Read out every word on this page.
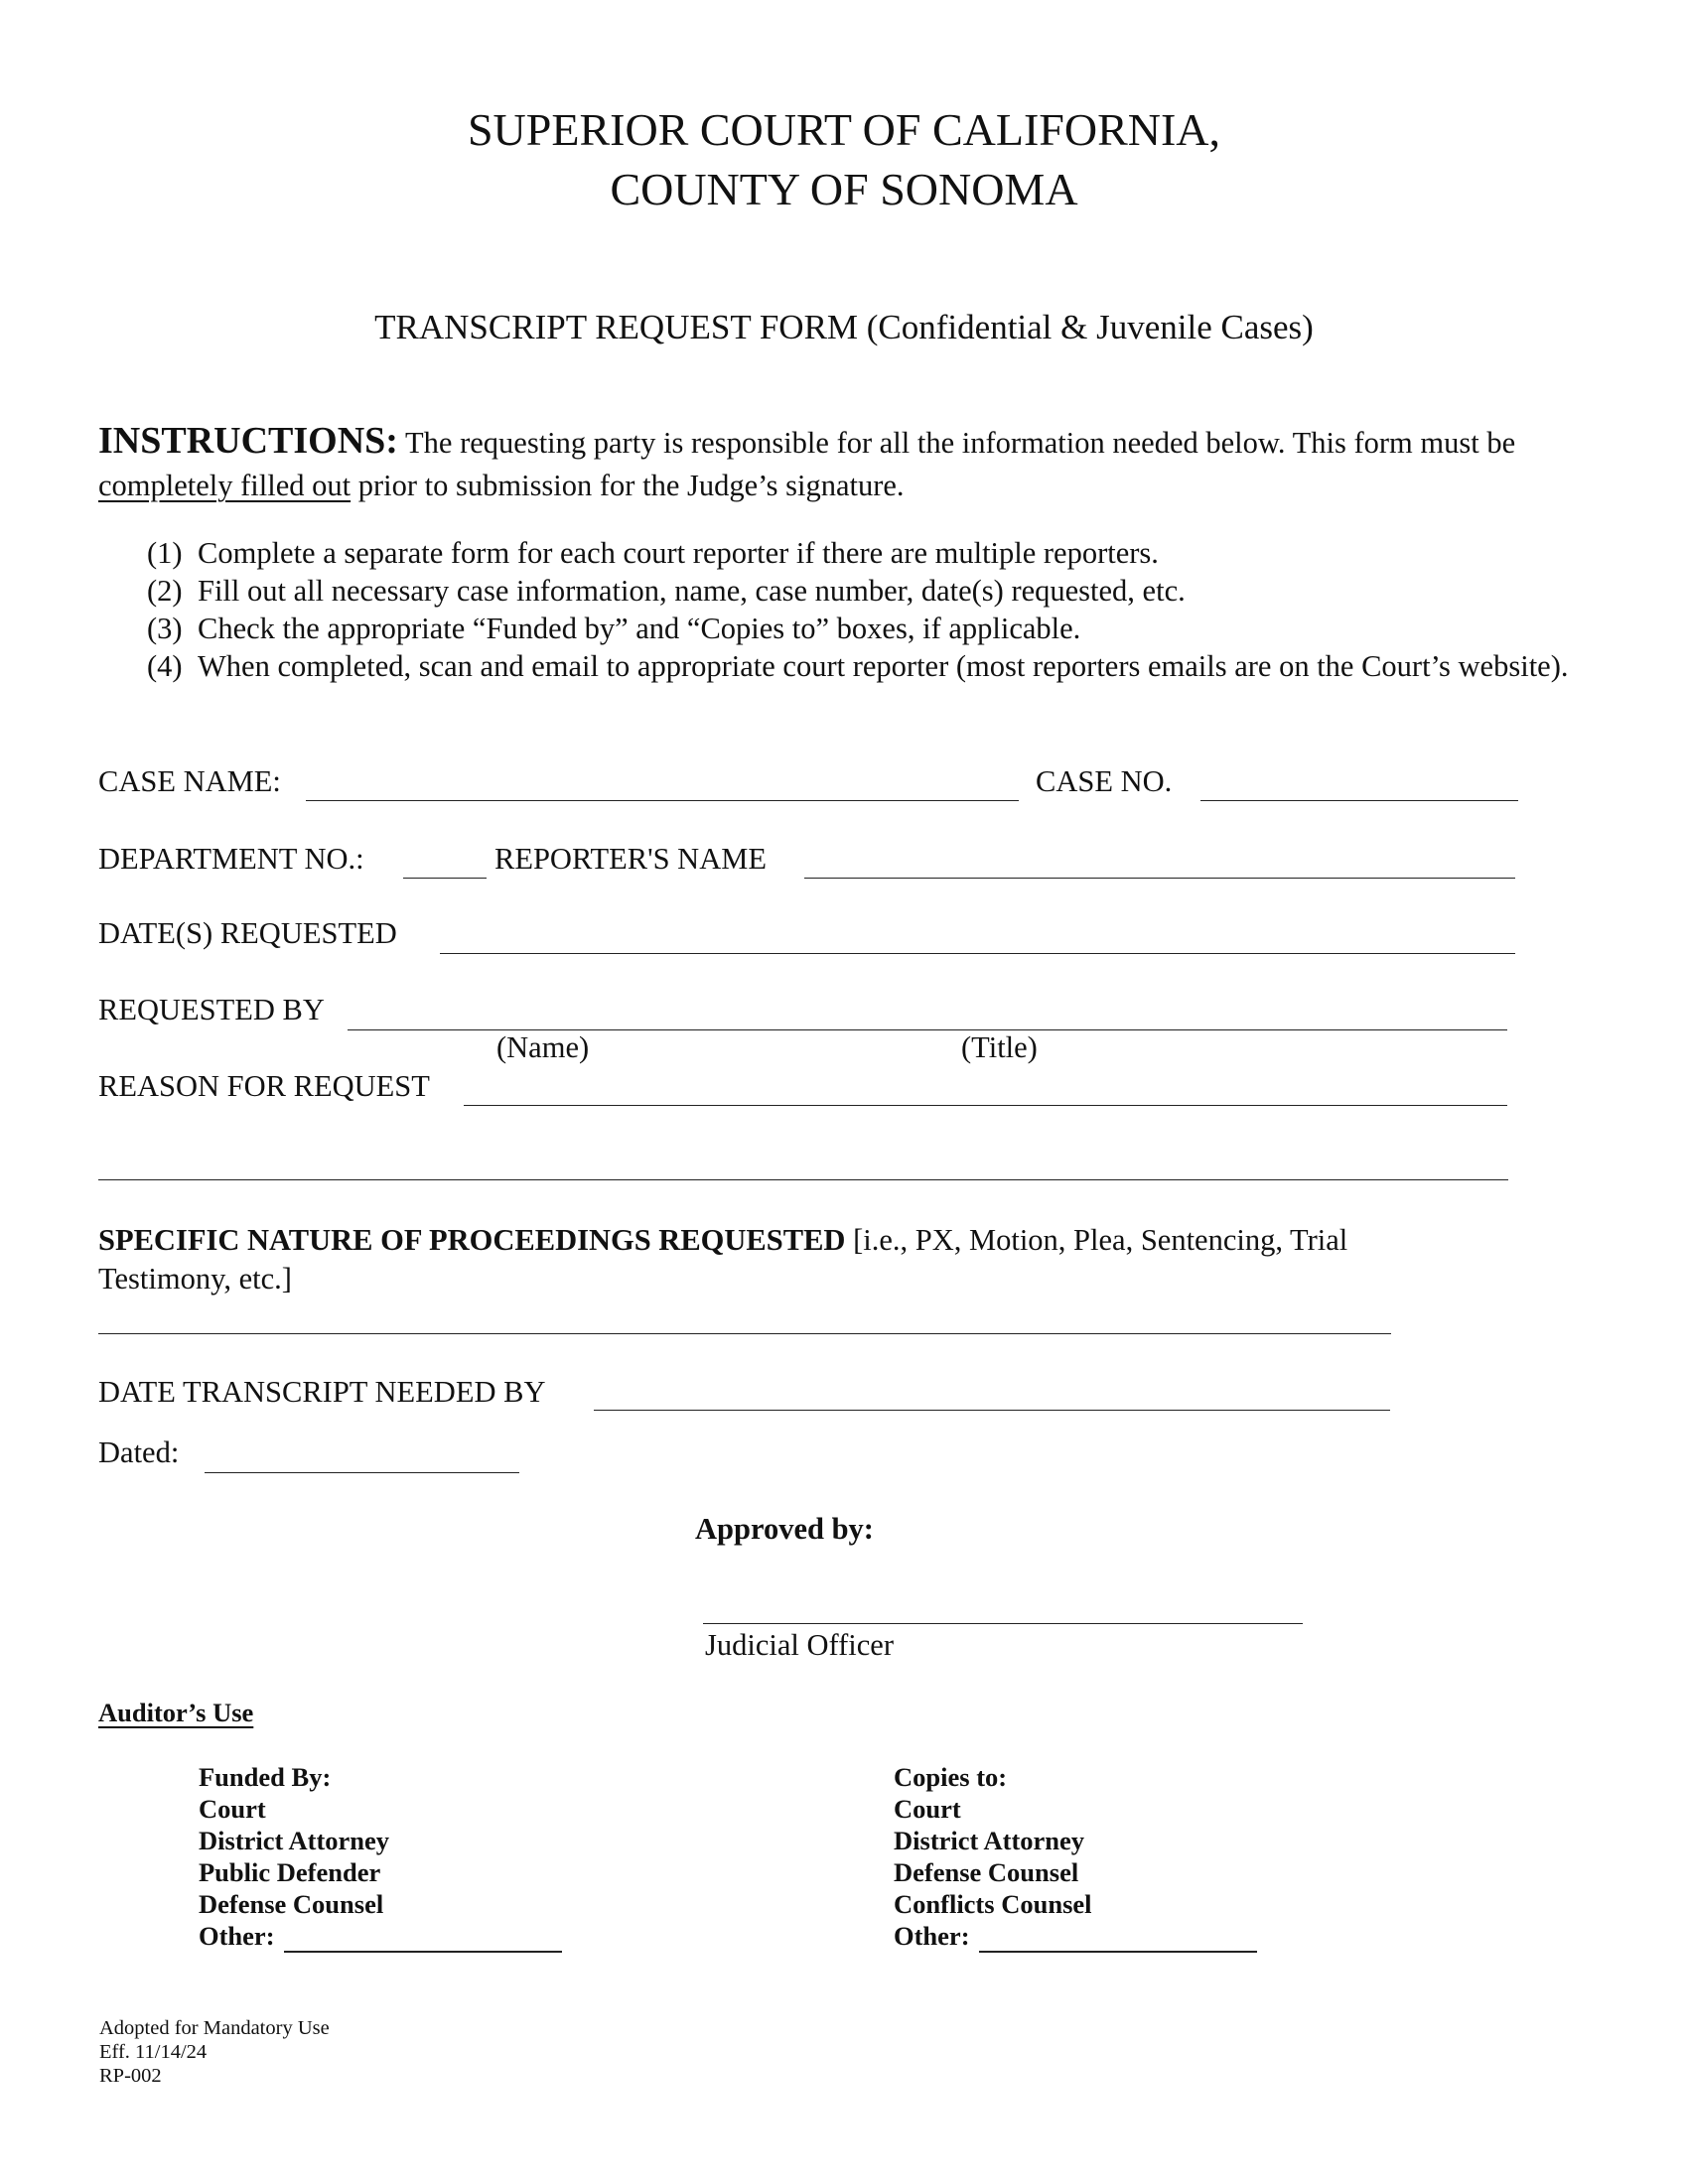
SUPERIOR COURT OF CALIFORNIA,
COUNTY OF SONOMA
TRANSCRIPT REQUEST FORM (Confidential & Juvenile Cases)
INSTRUCTIONS: The requesting party is responsible for all the information needed below. This form must be completely filled out prior to submission for the Judge’s signature.
(1) Complete a separate form for each court reporter if there are multiple reporters.
(2) Fill out all necessary case information, name, case number, date(s) requested, etc.
(3) Check the appropriate “Funded by” and “Copies to” boxes, if applicable.
(4) When completed, scan and email to appropriate court reporter (most reporters emails are on the Court’s website).
CASE NAME:	CASE NO.
DEPARTMENT NO.:	REPORTER'S NAME
DATE(S) REQUESTED
REQUESTED BY
(Name)	(Title)
REASON FOR REQUEST
SPECIFIC NATURE OF PROCEEDINGS REQUESTED [i.e., PX, Motion, Plea, Sentencing, Trial
Testimony, etc.]
DATE TRANSCRIPT NEEDED BY
Dated:
Approved by:
Judicial Officer
Auditor’s Use
Funded By:
Court
District Attorney
Public Defender
Defense Counsel
Other:
Copies to:
Court
District Attorney
Defense Counsel
Conflicts Counsel
Other:
Adopted for Mandatory Use
Eff. 11/14/24
RP-002
